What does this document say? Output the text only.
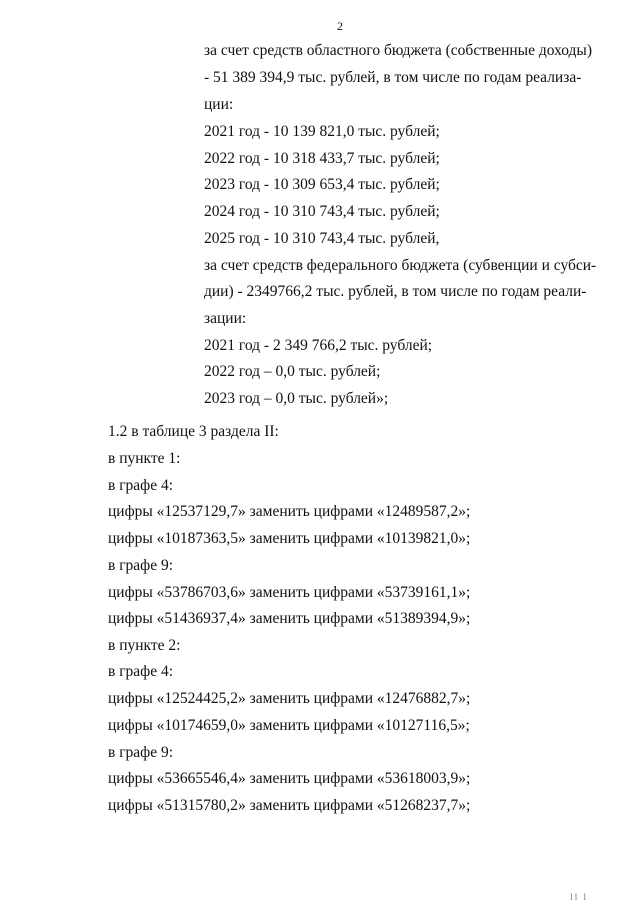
2
за счет средств областного бюджета (собственные доходы)
- 51 389 394,9 тыс. рублей, в том числе по годам реализа-
ции:
2021 год - 10 139 821,0 тыс. рублей;
2022 год - 10 318 433,7 тыс. рублей;
2023 год - 10 309 653,4 тыс. рублей;
2024 год - 10 310 743,4 тыс. рублей;
2025 год - 10 310 743,4 тыс. рублей,
за счет средств федерального бюджета (субвенции и субси-
дии) - 2349766,2 тыс. рублей, в том числе по годам реали-
зации:
2021 год - 2 349 766,2 тыс. рублей;
2022 год – 0,0 тыс. рублей;
2023 год – 0,0 тыс. рублей»;
1.2 в таблице 3 раздела II:
в пункте 1:
в графе 4:
цифры «12537129,7» заменить цифрами «12489587,2»;
цифры «10187363,5» заменить цифрами «10139821,0»;
в графе 9:
цифры «53786703,6» заменить цифрами «53739161,1»;
цифры «51436937,4» заменить цифрами «51389394,9»;
в пункте 2:
в графе 4:
цифры «12524425,2» заменить цифрами «12476882,7»;
цифры «10174659,0» заменить цифрами «10127116,5»;
в графе 9:
цифры «53665546,4» заменить цифрами «53618003,9»;
цифры «51315780,2» заменить цифрами «51268237,7»;
ll l
